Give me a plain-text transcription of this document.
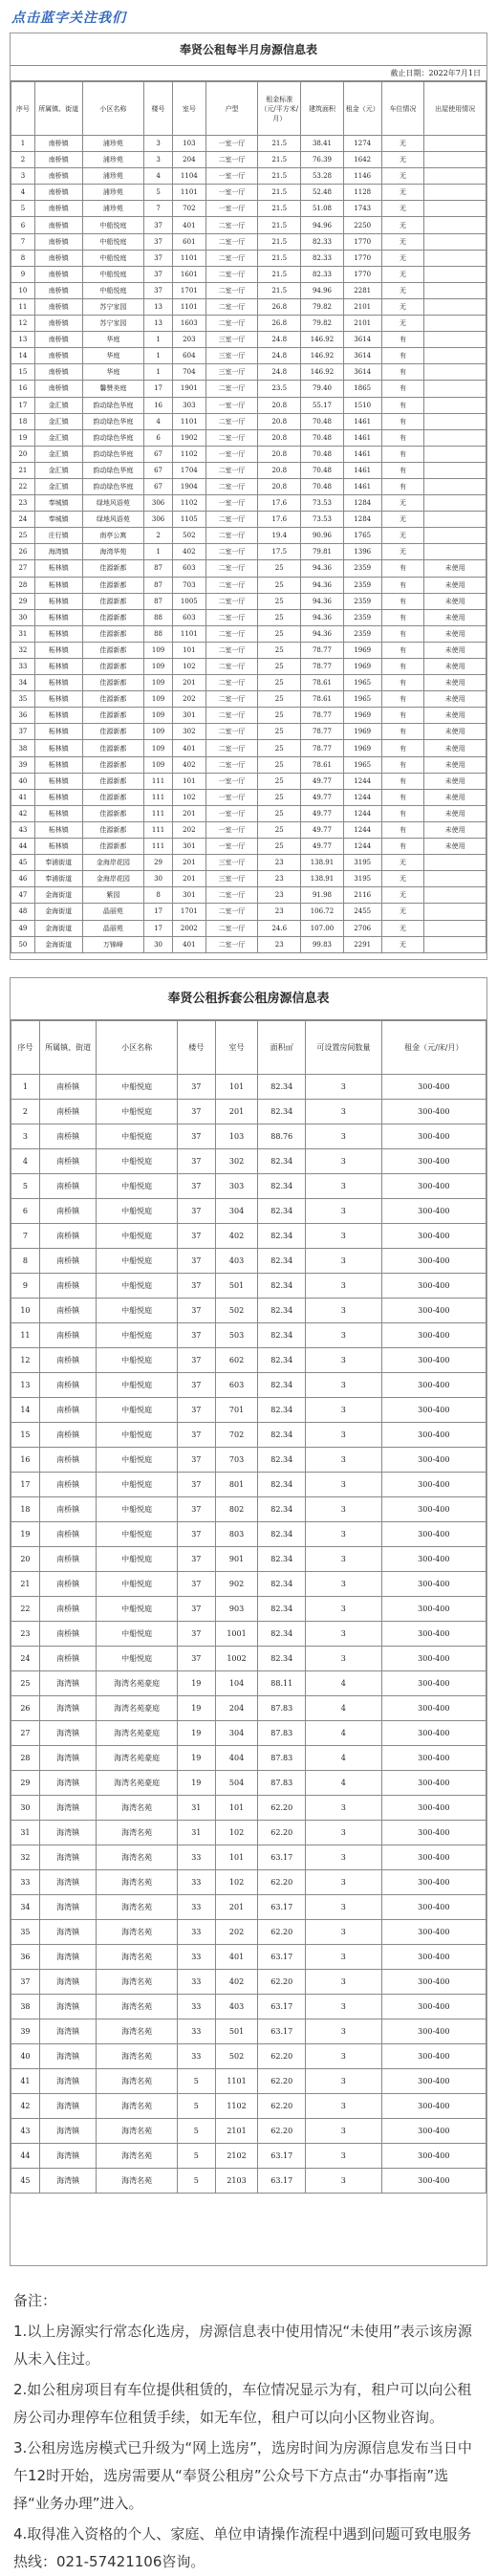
点击蓝字关注我们
奉贤公租每半月房源信息表
截止日期：2022年7月1日
序号	所属镇、街道	小区名称	楼号	室号	户型	租金标准（元/平方米/月）	建筑面积	租金（元）	车位情况	出屋使用情况
1	南桥镇	浦珍苑	3	103	一室一厅	21.5	38.41	1274	无	
2	南桥镇	浦珍苑	3	204	二室一厅	21.5	76.39	1642	无	
3	南桥镇	浦珍苑	4	1104	一室一厅	21.5	53.28	1146	无	
4	南桥镇	浦珍苑	5	1101	一室一厅	21.5	52.48	1128	无	
5	南桥镇	浦珍苑	7	702	一室一厅	21.5	51.08	1743	无	
6	南桥镇	中船悦庭	37	401	二室一厅	21.5	94.96	2250	无	
7	南桥镇	中船悦庭	37	601	二室一厅	21.5	82.33	1770	无	
8	南桥镇	中船悦庭	37	1101	二室一厅	21.5	82.33	1770	无	
9	南桥镇	中船悦庭	37	1601	二室一厅	21.5	82.33	1770	无	
10	南桥镇	中船悦庭	37	1701	二室一厅	21.5	94.96	2281	无	
11	南桥镇	苏宁家园	13	1101	二室一厅	26.8	79.82	2101	无	
12	南桥镇	苏宁家园	13	1603	二室一厅	26.8	79.82	2101	无	
13	南桥镇	华庭	1	203	三室一厅	24.8	146.92	3614	有	
14	南桥镇	华庭	1	604	三室一厅	24.8	146.92	3614	有	
15	南桥镇	华庭	1	704	三室一厅	24.8	146.92	3614	有	
16	南桥镇	馨赞美庭	17	1901	二室一厅	23.5	79.40	1865	有	
17	金汇镇	韵动绿色华庭	16	303	一室一厅	20.8	55.17	1510	有	
18	金汇镇	韵动绿色华庭	4	1101	二室一厅	20.8	70.48	1461	有	
19	金汇镇	韵动绿色华庭	6	1902	二室一厅	20.8	70.48	1461	有	
20	金汇镇	韵动绿色华庭	67	1102	一室一厅	20.8	70.48	1461	有	
21	金汇镇	韵动绿色华庭	67	1704	二室一厅	20.8	70.48	1461	有	
22	金汇镇	韵动绿色华庭	67	1904	二室一厅	20.8	70.48	1461	有	
23	奉城镇	绿地风语苑	306	1102	一室一厅	17.6	73.53	1284	无	
24	奉城镇	绿地风语苑	306	1105	二室一厅	17.6	73.53	1284	无	
25	庄行镇	南亭公寓	2	502	二室一厅	19.4	90.96	1765	无	
26	海湾镇	海湾华苑	1	402	二室一厅	17.5	79.81	1396	无	
27	柘林镇	佳源新都	87	603	二室一厅	25	94.36	2359	有	未使用
28	柘林镇	佳源新都	87	703	二室一厅	25	94.36	2359	有	未使用
29	柘林镇	佳源新都	87	1005	二室一厅	25	94.36	2359	有	未使用
30	柘林镇	佳源新都	88	603	二室一厅	25	94.36	2359	有	未使用
31	柘林镇	佳源新都	88	1101	二室一厅	25	94.36	2359	有	未使用
32	柘林镇	佳源新都	109	101	二室一厅	25	78.77	1969	有	未使用
33	柘林镇	佳源新都	109	102	二室一厅	25	78.77	1969	有	未使用
34	柘林镇	佳源新都	109	201	二室一厅	25	78.61	1965	有	未使用
35	柘林镇	佳源新都	109	202	二室一厅	25	78.61	1965	有	未使用
36	柘林镇	佳源新都	109	301	二室一厅	25	78.77	1969	有	未使用
37	柘林镇	佳源新都	109	302	二室一厅	25	78.77	1969	有	未使用
38	柘林镇	佳源新都	109	401	二室一厅	25	78.77	1969	有	未使用
39	柘林镇	佳源新都	109	402	二室一厅	25	78.61	1965	有	未使用
40	柘林镇	佳源新都	111	101	一室一厅	25	49.77	1244	有	未使用
41	柘林镇	佳源新都	111	102	一室一厅	25	49.77	1244	有	未使用
42	柘林镇	佳源新都	111	201	一室一厅	25	49.77	1244	有	未使用
43	柘林镇	佳源新都	111	202	一室一厅	25	49.77	1244	有	未使用
44	柘林镇	佳源新都	111	301	一室一厅	25	49.77	1244	有	未使用
45	奉浦街道	金海岸花园	29	201	三室一厅	23	138.91	3195	无	
46	奉浦街道	金海岸花园	30	201	三室一厅	23	138.91	3195	无	
47	金海街道	紫园	8	301	二室一厅	23	91.98	2116	无	
48	金海街道	晶丽苑	17	1701	二室一厅	23	106.72	2455	无	
49	金海街道	晶丽苑	17	2002	二室一厅	24.6	107.00	2706	无	
50	金海街道	万锦峰	30	401	二室一厅	23	99.83	2291	无	
奉贤公租拆套公租房源信息表
序号	所属镇、街道	小区名称	楼号	室号	面积㎡	可设置房间数量	租金（元/床/月）
1	南桥镇	中船悦庭	37	101	82.34	3	300-400
2	南桥镇	中船悦庭	37	201	82.34	3	300-400
3	南桥镇	中船悦庭	37	103	88.76	3	300-400
4	南桥镇	中船悦庭	37	302	82.34	3	300-400
5	南桥镇	中船悦庭	37	303	82.34	3	300-400
6	南桥镇	中船悦庭	37	304	82.34	3	300-400
7	南桥镇	中船悦庭	37	402	82.34	3	300-400
8	南桥镇	中船悦庭	37	403	82.34	3	300-400
9	南桥镇	中船悦庭	37	501	82.34	3	300-400
10	南桥镇	中船悦庭	37	502	82.34	3	300-400
11	南桥镇	中船悦庭	37	503	82.34	3	300-400
12	南桥镇	中船悦庭	37	602	82.34	3	300-400
13	南桥镇	中船悦庭	37	603	82.34	3	300-400
14	南桥镇	中船悦庭	37	701	82.34	3	300-400
15	南桥镇	中船悦庭	37	702	82.34	3	300-400
16	南桥镇	中船悦庭	37	703	82.34	3	300-400
17	南桥镇	中船悦庭	37	801	82.34	3	300-400
18	南桥镇	中船悦庭	37	802	82.34	3	300-400
19	南桥镇	中船悦庭	37	803	82.34	3	300-400
20	南桥镇	中船悦庭	37	901	82.34	3	300-400
21	南桥镇	中船悦庭	37	902	82.34	3	300-400
22	南桥镇	中船悦庭	37	903	82.34	3	300-400
23	南桥镇	中船悦庭	37	1001	82.34	3	300-400
24	南桥镇	中船悦庭	37	1002	82.34	3	300-400
25	海湾镇	海湾名苑豪庭	19	104	88.11	4	300-400
26	海湾镇	海湾名苑豪庭	19	204	87.83	4	300-400
27	海湾镇	海湾名苑豪庭	19	304	87.83	4	300-400
28	海湾镇	海湾名苑豪庭	19	404	87.83	4	300-400
29	海湾镇	海湾名苑豪庭	19	504	87.83	4	300-400
30	海湾镇	海湾名苑	31	101	62.20	3	300-400
31	海湾镇	海湾名苑	31	102	62.20	3	300-400
32	海湾镇	海湾名苑	33	101	63.17	3	300-400
33	海湾镇	海湾名苑	33	102	62.20	3	300-400
34	海湾镇	海湾名苑	33	201	63.17	3	300-400
35	海湾镇	海湾名苑	33	202	62.20	3	300-400
36	海湾镇	海湾名苑	33	401	63.17	3	300-400
37	海湾镇	海湾名苑	33	402	62.20	3	300-400
38	海湾镇	海湾名苑	33	403	63.17	3	300-400
39	海湾镇	海湾名苑	33	501	63.17	3	300-400
40	海湾镇	海湾名苑	33	502	62.20	3	300-400
41	海湾镇	海湾名苑	5	1101	62.20	3	300-400
42	海湾镇	海湾名苑	5	1102	62.20	3	300-400
43	海湾镇	海湾名苑	5	2101	62.20	3	300-400
44	海湾镇	海湾名苑	5	2102	63.17	3	300-400
45	海湾镇	海湾名苑	5	2103	63.17	3	300-400

备注：

1.以上房源实行常态化选房，房源信息表中使用情况“未使用”表示该房源从未入住过。

2.如公租房项目有车位提供租赁的，车位情况显示为有，租户可以向公租房公司办理停车位租赁手续，如无车位，租户可以向小区物业咨询。

3.公租房选房模式已升级为“网上选房”，选房时间为房源信息发布当日中午12时开始，选房需要从“奉贤公租房”公众号下方点击“办事指南”选择“业务办理”进入。

4.取得准入资格的个人、家庭、单位申请操作流程中遇到问题可致电服务热线：021-57421106咨询。
